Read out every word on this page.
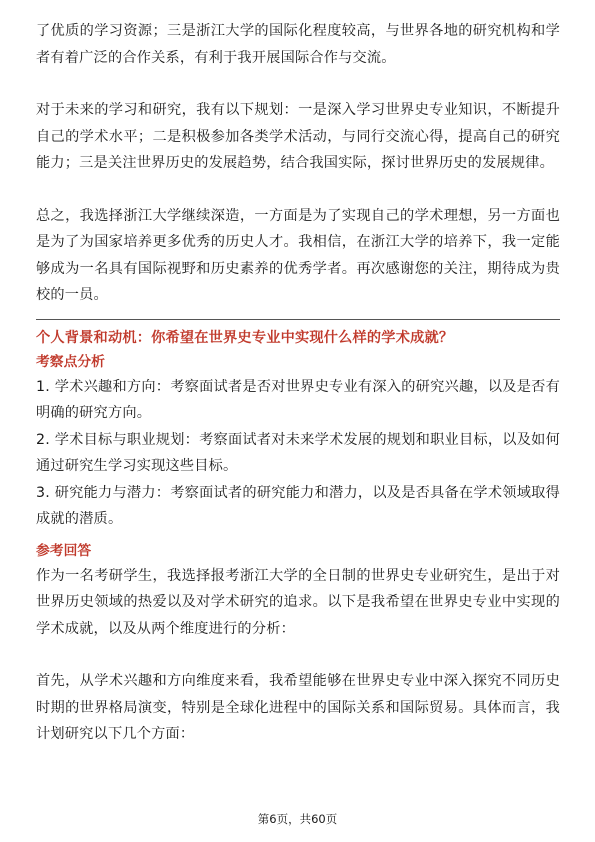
了优质的学习资源；三是浙江大学的国际化程度较高，与世界各地的研究机构和学者有着广泛的合作关系，有利于我开展国际合作与交流。

对于未来的学习和研究，我有以下规划：一是深入学习世界史专业知识，不断提升自己的学术水平；二是积极参加各类学术活动，与同行交流心得，提高自己的研究能力；三是关注世界历史的发展趋势，结合我国实际，探讨世界历史的发展规律。

总之，我选择浙江大学继续深造，一方面是为了实现自己的学术理想，另一方面也是为了为国家培养更多优秀的历史人才。我相信，在浙江大学的培养下，我一定能够成为一名具有国际视野和历史素养的优秀学者。再次感谢您的关注，期待成为贵校的一员。

个人背景和动机：你希望在世界史专业中实现什么样的学术成就？

考察点分析

1. 学术兴趣和方向：考察面试者是否对世界史专业有深入的研究兴趣，以及是否有明确的研究方向。

2. 学术目标与职业规划：考察面试者对未来学术发展的规划和职业目标，以及如何通过研究生学习实现这些目标。

3. 研究能力与潜力：考察面试者的研究能力和潜力，以及是否具备在学术领域取得成就的潜质。

参考回答

作为一名考研学生，我选择报考浙江大学的全日制的世界史专业研究生，是出于对世界历史领域的热爱以及对学术研究的追求。以下是我希望在世界史专业中实现的学术成就，以及从两个维度进行的分析：

首先，从学术兴趣和方向维度来看，我希望能够在世界史专业中深入探究不同历史时期的世界格局演变，特别是全球化进程中的国际关系和国际贸易。具体而言，我计划研究以下几个方面：

第6页，共60页
